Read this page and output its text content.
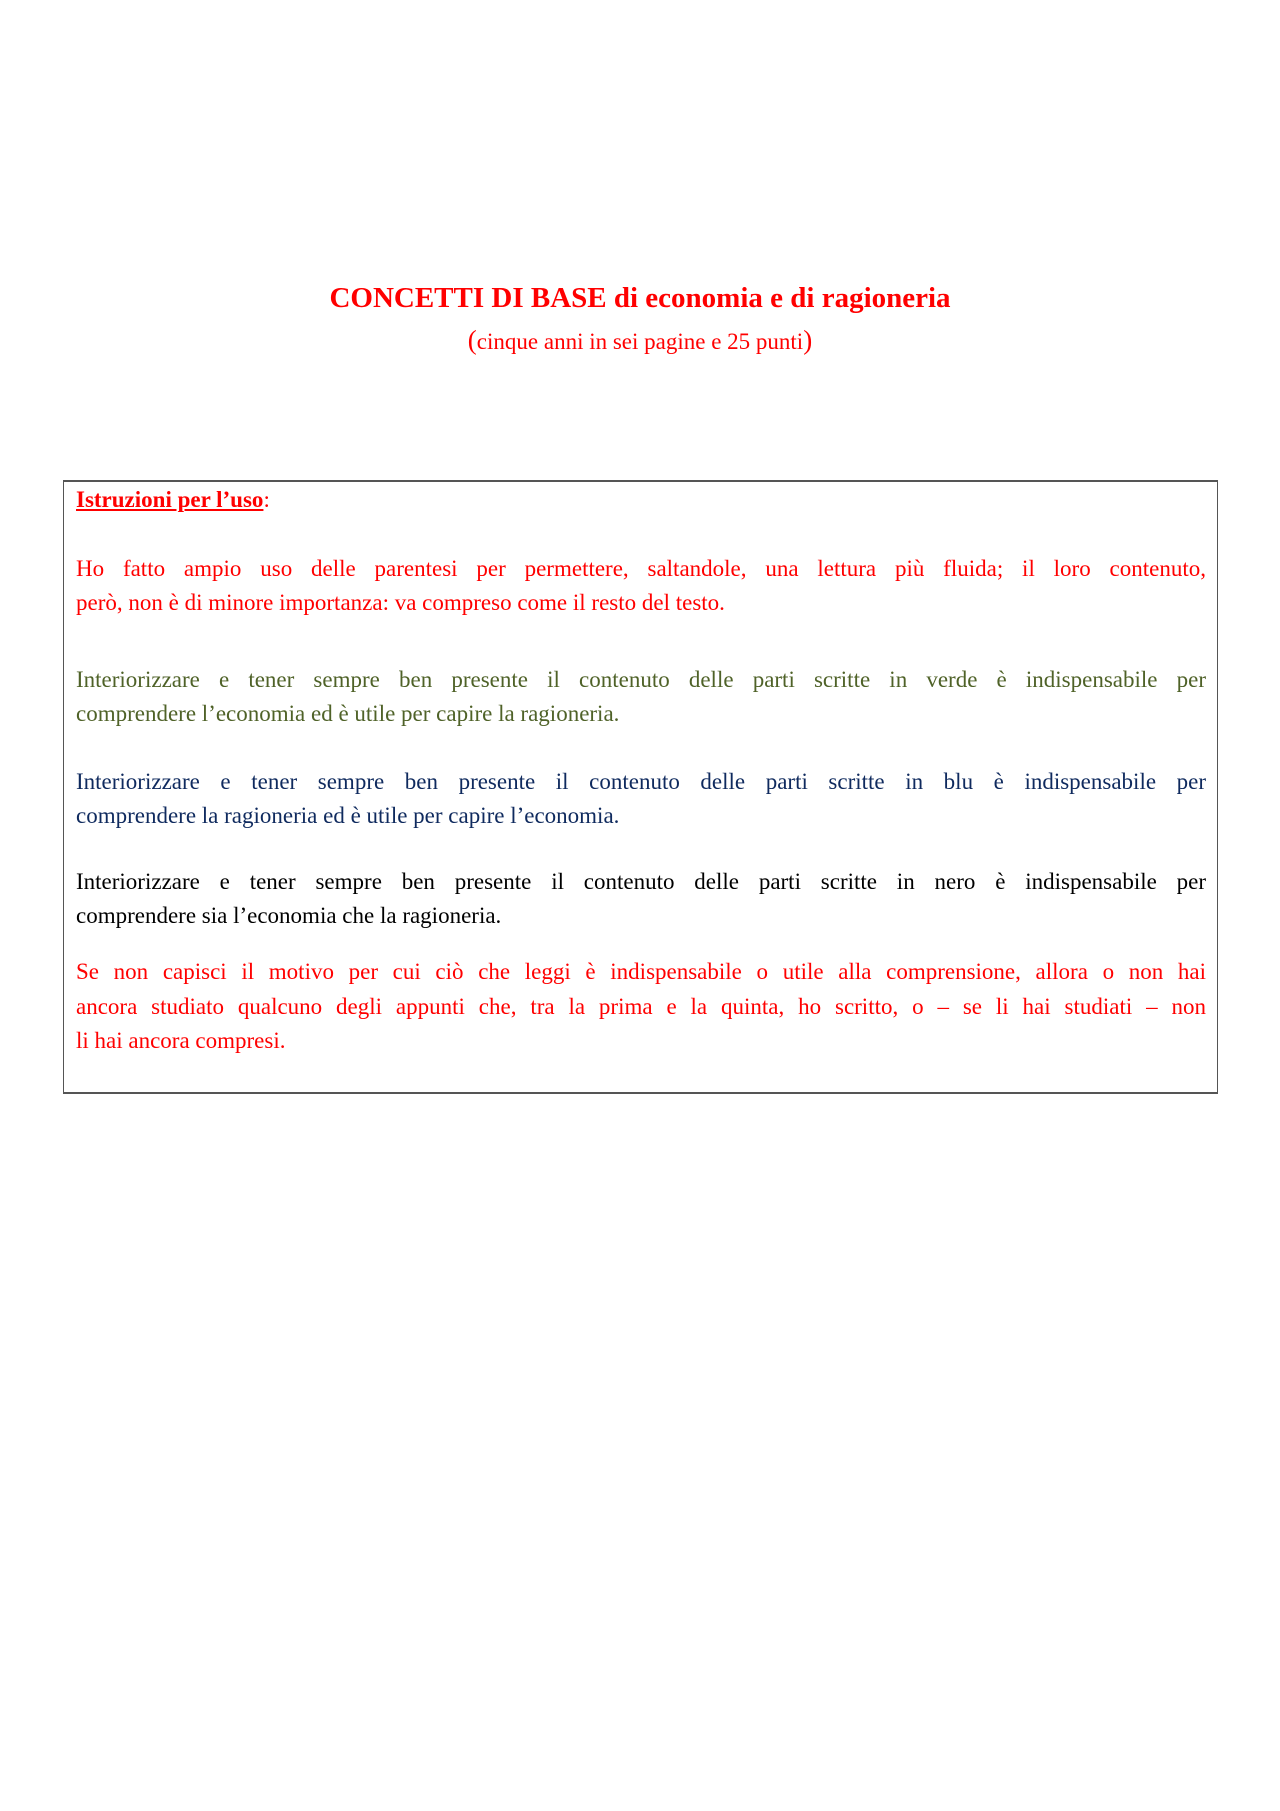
CONCETTI DI BASE di economia e di ragioneria
(cinque anni in sei pagine e 25 punti)
Istruzioni per l’uso:
Ho fatto ampio uso delle parentesi per permettere, saltandole, una lettura più fluida; il loro contenuto,
però, non è di minore importanza: va compreso come il resto del testo.
Interiorizzare e tener sempre ben presente il contenuto delle parti scritte in verde è indispensabile per
comprendere l’economia ed è utile per capire la ragioneria.
Interiorizzare e tener sempre ben presente il contenuto delle parti scritte in blu è indispensabile per
comprendere la ragioneria ed è utile per capire l’economia.
Interiorizzare e tener sempre ben presente il contenuto delle parti scritte in nero è indispensabile per
comprendere sia l’economia che la ragioneria.
Se non capisci il motivo per cui ciò che leggi è indispensabile o utile alla comprensione, allora o non hai
ancora studiato qualcuno degli appunti che, tra la prima e la quinta, ho scritto, o – se li hai studiati – non
li hai ancora compresi.
